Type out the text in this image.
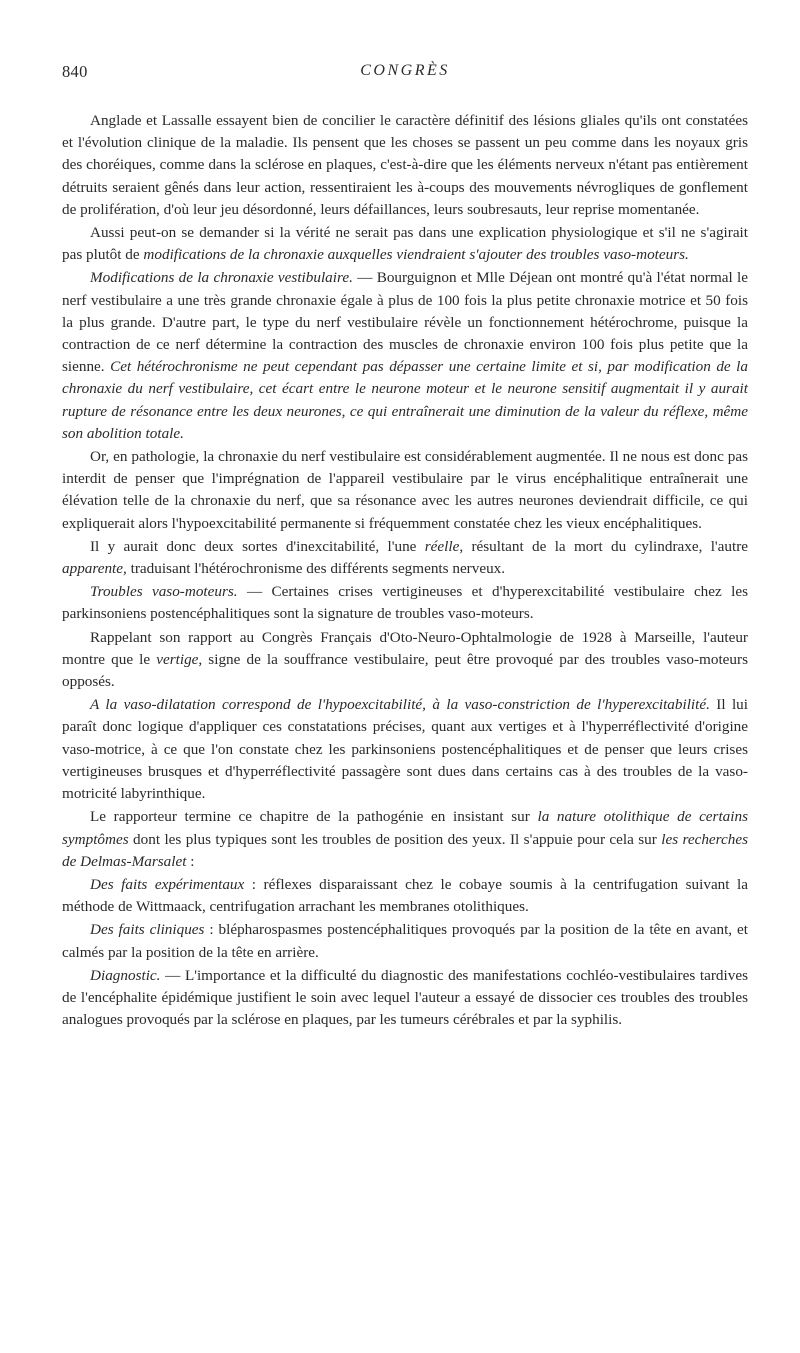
840	CONGRÈS

Anglade et Lassalle essayent bien de concilier le caractère définitif des lésions gliales qu'ils ont constatées et l'évolution clinique de la maladie. Ils pensent que les choses se passent un peu comme dans les noyaux gris des choréiques, comme dans la sclérose en plaques, c'est-à-dire que les éléments nerveux n'étant pas entièrement détruits seraient gênés dans leur action, ressentiraient les à-coups des mouvements névrogliques de gonflement de prolifération, d'où leur jeu désordonné, leurs défaillances, leurs soubresauts, leur reprise momentanée.

Aussi peut-on se demander si la vérité ne serait pas dans une explication physiologique et s'il ne s'agirait pas plutôt de modifications de la chronaxie auxquelles viendraient s'ajouter des troubles vaso-moteurs.

Modifications de la chronaxie vestibulaire. — Bourguignon et Mlle Déjean ont montré qu'à l'état normal le nerf vestibulaire a une très grande chronaxie égale à plus de 100 fois la plus petite chronaxie motrice et 50 fois la plus grande. D'autre part, le type du nerf vestibulaire révèle un fonctionnement hétérochrome, puisque la contraction de ce nerf détermine la contraction des muscles de chronaxie environ 100 fois plus petite que la sienne. Cet hétérochronisme ne peut cependant pas dépasser une certaine limite et si, par modification de la chronaxie du nerf vestibulaire, cet écart entre le neurone moteur et le neurone sensitif augmentait il y aurait rupture de résonance entre les deux neurones, ce qui entraînerait une diminution de la valeur du réflexe, même son abolition totale.

Or, en pathologie, la chronaxie du nerf vestibulaire est considérablement augmentée. Il ne nous est donc pas interdit de penser que l'imprégnation de l'appareil vestibulaire par le virus encéphalitique entraînerait une élévation telle de la chronaxie du nerf, que sa résonance avec les autres neurones deviendrait difficile, ce qui expliquerait alors l'hypoexcitabilité permanente si fréquemment constatée chez les vieux encéphalitiques.

Il y aurait donc deux sortes d'inexcitabilité, l'une réelle, résultant de la mort du cylindraxe, l'autre apparente, traduisant l'hétérochronisme des différents segments nerveux.

Troubles vaso-moteurs. — Certaines crises vertigineuses et d'hyperexcitabilité vestibulaire chez les parkinsoniens postencéphalitiques sont la signature de troubles vaso-moteurs.

Rappelant son rapport au Congrès Français d'Oto-Neuro-Ophtalmologie de 1928 à Marseille, l'auteur montre que le vertige, signe de la souffrance vestibulaire, peut être provoqué par des troubles vaso-moteurs opposés.

A la vaso-dilatation correspond de l'hypoexcitabilité, à la vaso-constriction de l'hyperexcitabilité. Il lui paraît donc logique d'appliquer ces constatations précises, quant aux vertiges et à l'hyperréflectivité d'origine vaso-motrice, à ce que l'on constate chez les parkinsoniens postencéphalitiques et de penser que leurs crises vertigineuses brusques et d'hyperréflectivité passagère sont dues dans certains cas à des troubles de la vaso-motricité labyrinthique.

Le rapporteur termine ce chapitre de la pathogénie en insistant sur la nature otolithique de certains symptômes dont les plus typiques sont les troubles de position des yeux. Il s'appuie pour cela sur les recherches de Delmas-Marsalet :

Des faits expérimentaux : réflexes disparaissant chez le cobaye soumis à la centrifugation suivant la méthode de Wittmaack, centrifugation arrachant les membranes otolithiques.

Des faits cliniques : blépharospasmes postencéphalitiques provoqués par la position de la tête en avant, et calmés par la position de la tête en arrière.

Diagnostic. — L'importance et la difficulté du diagnostic des manifestations cochléo-vestibulaires tardives de l'encéphalite épidémique justifient le soin avec lequel l'auteur a essayé de dissocier ces troubles des troubles analogues provoqués par la sclérose en plaques, par les tumeurs cérébrales et par la syphilis.
